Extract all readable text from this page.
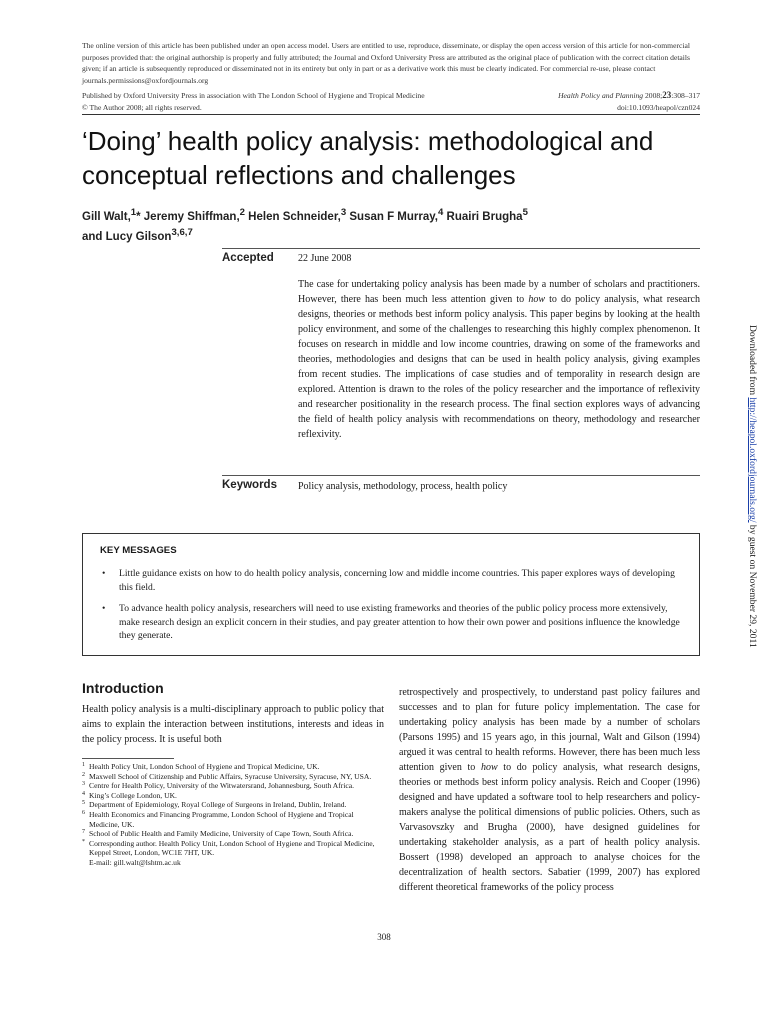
The online version of this article has been published under an open access model. Users are entitled to use, reproduce, disseminate, or display the open access version of this article for non-commercial purposes provided that: the original authorship is properly and fully attributed; the Journal and Oxford University Press are attributed as the original place of publication with the correct citation details given; if an article is subsequently reproduced or disseminated not in its entirety but only in part or as a derivative work this must be clearly indicated. For commercial re-use, please contact journals.permissions@oxfordjournals.org
Published by Oxford University Press in association with The London School of Hygiene and Tropical Medicine
© The Author 2008; all rights reserved.
Health Policy and Planning 2008;23:308–317
doi:10.1093/heapol/czn024
‘Doing’ health policy analysis: methodological and conceptual reflections and challenges
Gill Walt,$^1$* Jeremy Shiffman,$^2$ Helen Schneider,$^3$ Susan F Murray,$^4$ Ruairi Brugha$^5$
and Lucy Gilson$^{3,6,7}$
Accepted 22 June 2008

The case for undertaking policy analysis has been made by a number of scholars and practitioners. However, there has been much less attention given to how to do policy analysis, what research designs, theories or methods best inform policy analysis. This paper begins by looking at the health policy environment, and some of the challenges to researching this highly complex phenomenon. It focuses on research in middle and low income countries, drawing on some of the frameworks and theories, methodologies and designs that can be used in health policy analysis, giving examples from recent studies. The implications of case studies and of temporality in research design are explored. Attention is drawn to the roles of the policy researcher and the importance of reflexivity and researcher positionality in the research process. The final section explores ways of advancing the field of health policy analysis with recommendations on theory, methodology and researcher reflexivity.

Keywords Policy analysis, methodology, process, health policy
Downloaded from http://heapol.oxfordjournals.org/ by guest on November 29, 2011
KEY MESSAGES
• Little guidance exists on how to do health policy analysis, concerning low and middle income countries. This paper explores ways of developing this field.
• To advance health policy analysis, researchers will need to use existing frameworks and theories of the public policy process more extensively, make research design an explicit concern in their studies, and pay greater attention to how their own power and positions influence the knowledge they generate.
Introduction

Health policy analysis is a multi-disciplinary approach to public policy that aims to explain the interaction between institutions, interests and ideas in the policy process. It is useful both

1 Health Policy Unit, London School of Hygiene and Tropical Medicine, UK.
2 Maxwell School of Citizenship and Public Affairs, Syracuse University, Syracuse, NY, USA.
3 Centre for Health Policy, University of the Witwatersrand, Johannesburg, South Africa.
4 King’s College London, UK.
5 Department of Epidemiology, Royal College of Surgeons in Ireland, Dublin, Ireland.
6 Health Economics and Financing Programme, London School of Hygiene and Tropical Medicine, UK.
7 School of Public Health and Family Medicine, University of Cape Town, South Africa.
* Corresponding author. Health Policy Unit, London School of Hygiene and Tropical Medicine, Keppel Street, London, WC1E 7HT, UK.
E-mail: gill.walt@lshtm.ac.uk

retrospectively and prospectively, to understand past policy failures and successes and to plan for future policy implementation. The case for undertaking policy analysis has been made by a number of scholars (Parsons 1995) and 15 years ago, in this journal, Walt and Gilson (1994) argued it was central to health reforms. However, there has been much less attention given to how to do policy analysis, what research designs, theories or methods best inform policy analysis. Reich and Cooper (1996) designed and have updated a software tool to help researchers and policy-makers analyse the political dimensions of public policies. Others, such as Varvasovszky and Brugha (2000), have designed guidelines for undertaking stakeholder analysis, as a part of health policy analysis. Bossert (1998) developed an approach to analyse choices for the decentralization of health sectors. Sabatier (1999, 2007) has explored different theoretical frameworks of the policy process

308
